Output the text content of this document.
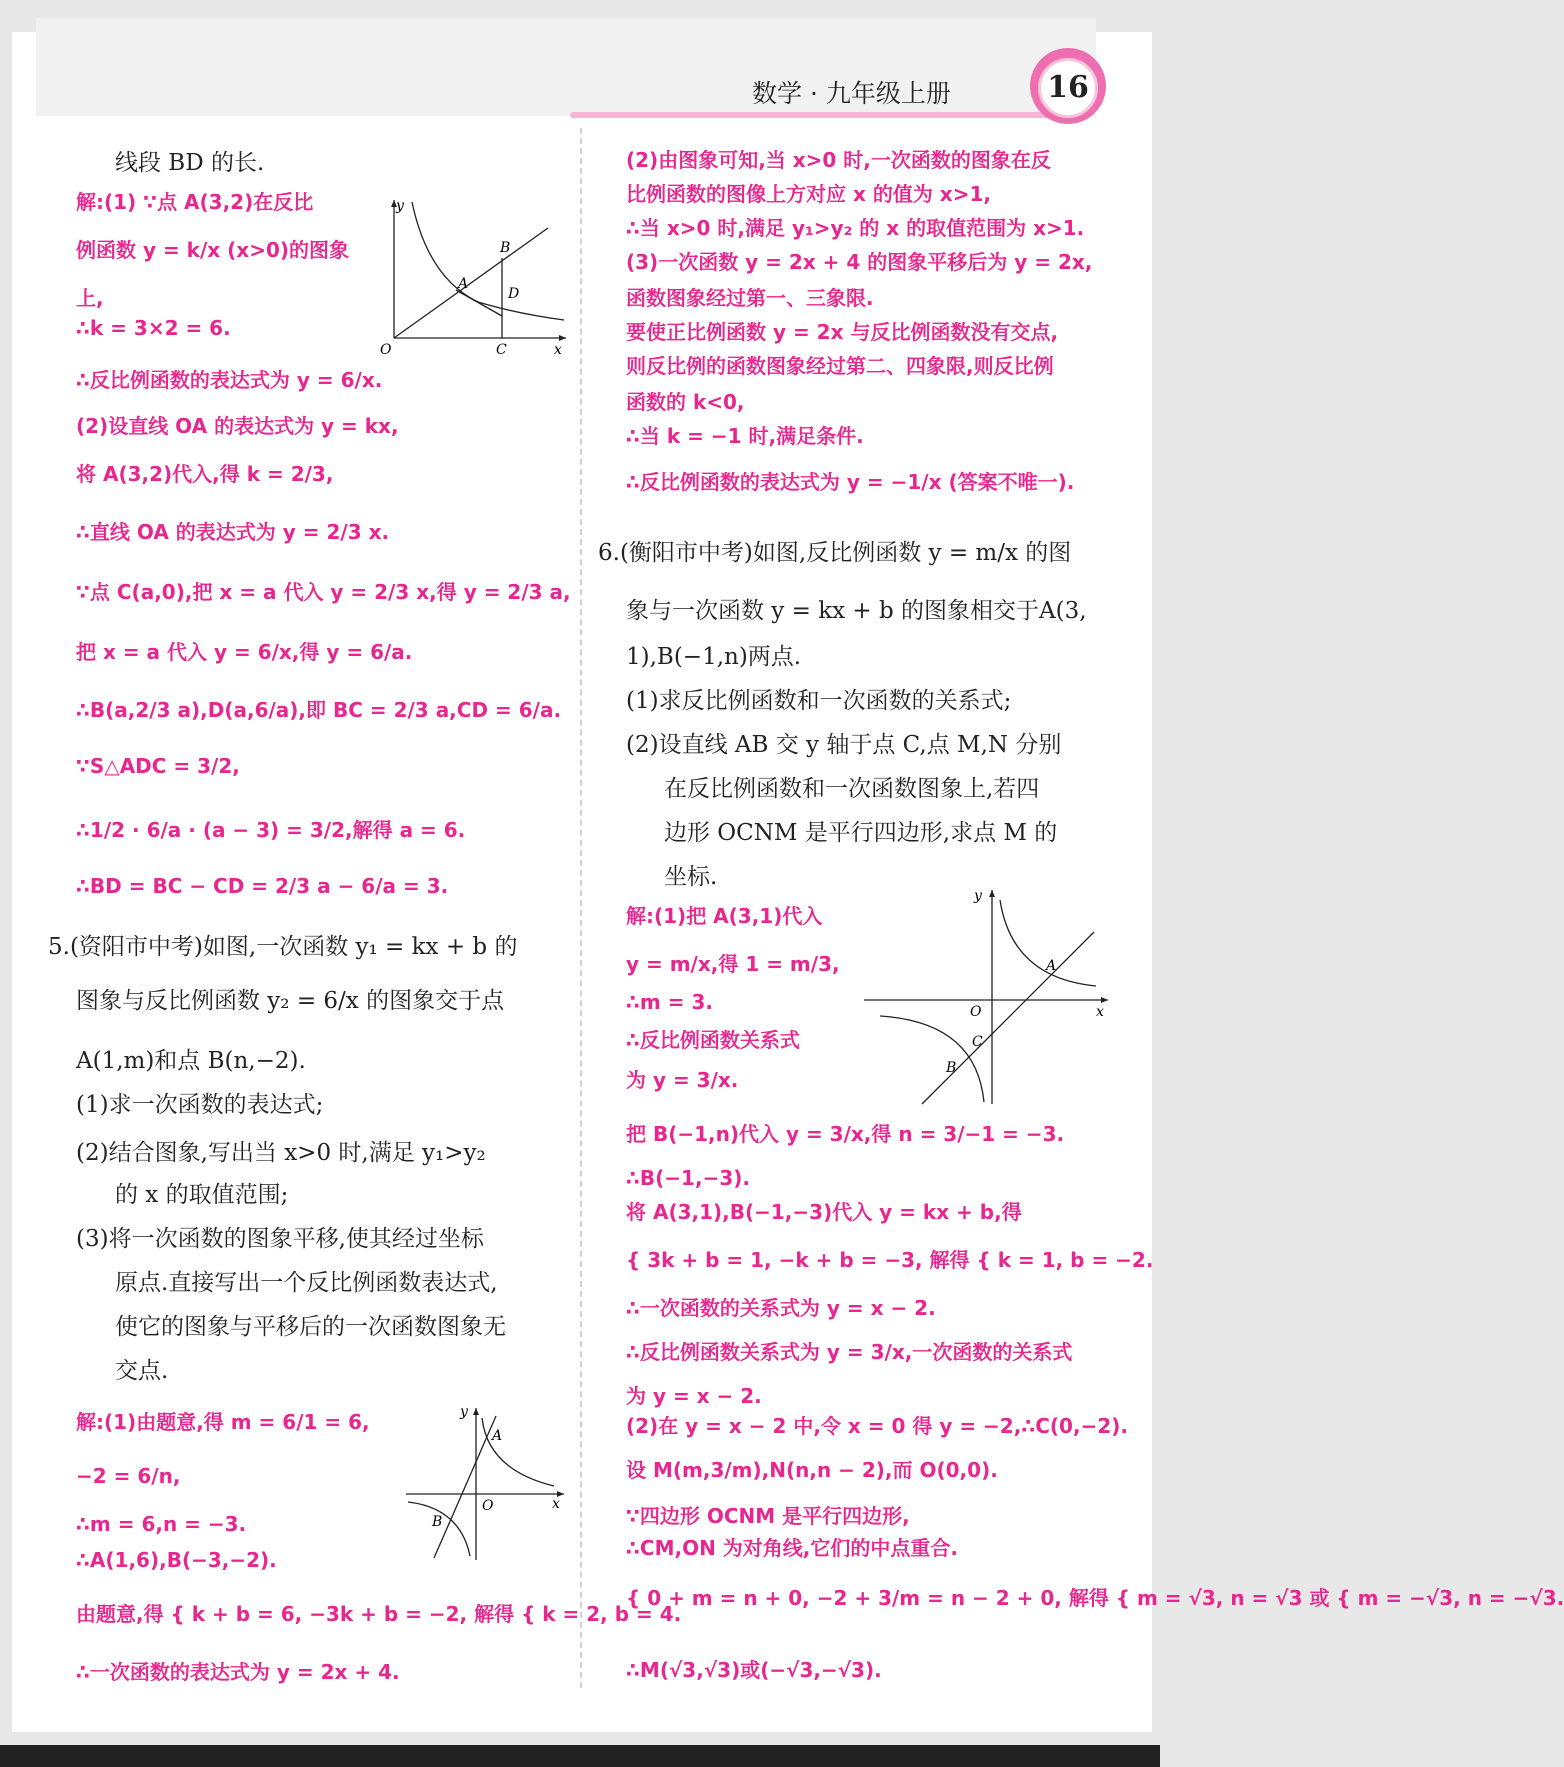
数学 · 九年级上册	16
y
x
O
A
B
C
D
y
x
O
A
B
y
x
O
A
B
C
线段 BD 的长.
解:(1) ∵点 A(3,2)在反比
例函数 y = k/x (x>0)的图象
上,
∴k = 3×2 = 6.
∴反比例函数的表达式为 y = 6/x.
(2)设直线 OA 的表达式为 y = kx,
将 A(3,2)代入,得 k = 2/3,
∴直线 OA 的表达式为 y = 2/3 x.
∵点 C(a,0),把 x = a 代入 y = 2/3 x,得 y = 2/3 a,
把 x = a 代入 y = 6/x,得 y = 6/a.
∴B(a,2/3 a),D(a,6/a),即 BC = 2/3 a,CD = 6/a.
∵S△ADC = 3/2,
∴1/2 · 6/a · (a − 3) = 3/2,解得 a = 6.
∴BD = BC − CD = 2/3 a − 6/a = 3.
5.(资阳市中考)如图,一次函数 y₁ = kx + b 的
图象与反比例函数 y₂ = 6/x 的图象交于点
A(1,m)和点 B(n,−2).
(1)求一次函数的表达式;
(2)结合图象,写出当 x>0 时,满足 y₁>y₂
的 x 的取值范围;
(3)将一次函数的图象平移,使其经过坐标
原点.直接写出一个反比例函数表达式,
使它的图象与平移后的一次函数图象无
交点.
解:(1)由题意,得 m = 6/1 = 6,
−2 = 6/n,
∴m = 6,n = −3.
∴A(1,6),B(−3,−2).
由题意,得 { k + b = 6, −3k + b = −2, 解得 { k = 2, b = 4.
∴一次函数的表达式为 y = 2x + 4.
(2)由图象可知,当 x>0 时,一次函数的图象在反
比例函数的图像上方对应 x 的值为 x>1,
∴当 x>0 时,满足 y₁>y₂ 的 x 的取值范围为 x>1.
(3)一次函数 y = 2x + 4 的图象平移后为 y = 2x,
函数图象经过第一、三象限.
要使正比例函数 y = 2x 与反比例函数没有交点,
则反比例的函数图象经过第二、四象限,则反比例
函数的 k<0,
∴当 k = −1 时,满足条件.
∴反比例函数的表达式为 y = −1/x (答案不唯一).
6.(衡阳市中考)如图,反比例函数 y = m/x 的图
象与一次函数 y = kx + b 的图象相交于A(3,
1),B(−1,n)两点.
(1)求反比例函数和一次函数的关系式;
(2)设直线 AB 交 y 轴于点 C,点 M,N 分别
在反比例函数和一次函数图象上,若四
边形 OCNM 是平行四边形,求点 M 的
坐标.
解:(1)把 A(3,1)代入
y = m/x,得 1 = m/3,
∴m = 3.
∴反比例函数关系式
为 y = 3/x.
把 B(−1,n)代入 y = 3/x,得 n = 3/−1 = −3.
∴B(−1,−3).
将 A(3,1),B(−1,−3)代入 y = kx + b,得
{ 3k + b = 1, −k + b = −3, 解得 { k = 1, b = −2.
∴一次函数的关系式为 y = x − 2.
∴反比例函数关系式为 y = 3/x,一次函数的关系式
为 y = x − 2.
(2)在 y = x − 2 中,令 x = 0 得 y = −2,∴C(0,−2).
设 M(m,3/m),N(n,n − 2),而 O(0,0).
∵四边形 OCNM 是平行四边形,
∴CM,ON 为对角线,它们的中点重合.
{ 0 + m = n + 0, −2 + 3/m = n − 2 + 0, 解得 { m = √3, n = √3 或 { m = −√3, n = −√3.
∴M(√3,√3)或(−√3,−√3).
